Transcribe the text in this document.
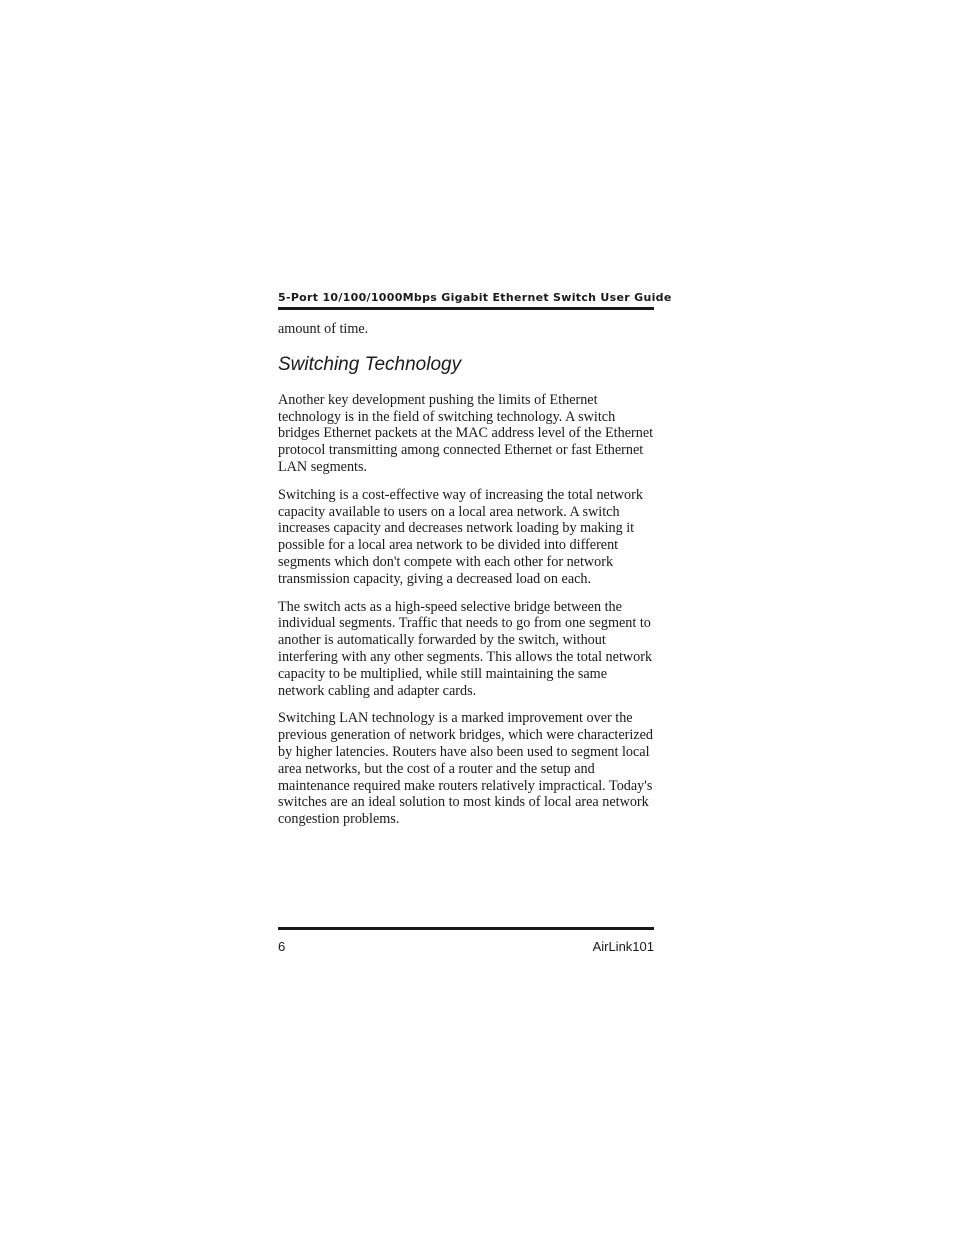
5-Port 10/100/1000Mbps Gigabit Ethernet Switch User Guide
amount of time.
Switching Technology

Another key development pushing the limits of Ethernet technology is in the field of switching technology. A switch bridges Ethernet packets at the MAC address level of the Ethernet protocol transmitting among connected Ethernet or fast Ethernet LAN segments.

Switching is a cost-effective way of increasing the total network capacity available to users on a local area network. A switch increases capacity and decreases network loading by making it possible for a local area network to be divided into different segments which don't compete with each other for network transmission capacity, giving a decreased load on each.

The switch acts as a high-speed selective bridge between the individual segments. Traffic that needs to go from one segment to another is automatically forwarded by the switch, without interfering with any other segments. This allows the total network capacity to be multiplied, while still maintaining the same network cabling and adapter cards.

Switching LAN technology is a marked improvement over the previous generation of network bridges, which were characterized by higher latencies. Routers have also been used to segment local area networks, but the cost of a router and the setup and maintenance required make routers relatively impractical. Today's switches are an ideal solution to most kinds of local area network congestion problems.

6	AirLink101
